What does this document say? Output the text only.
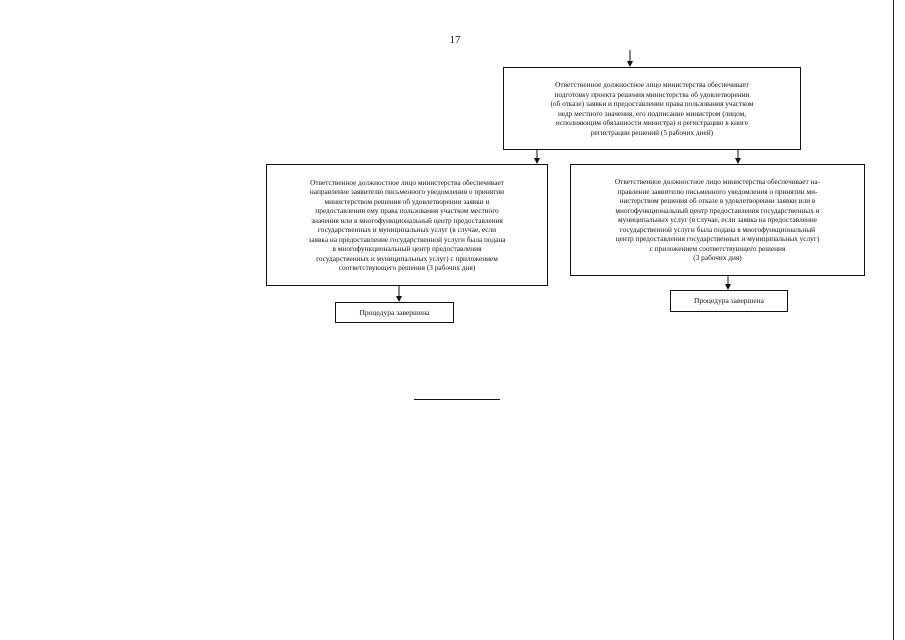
17
Ответственное должностное лицо министерства обеспечивает
подготовку проекта решения министерства об удовлетворении
(об отказе) заявки и предоставлении права пользования участком
недр местного значения, его подписание министром (лицом,
исполняющим обязанности министра) и регистрацию в книге
регистрации решений (5 рабочих дней)
Ответственное должностное лицо министерства обеспечивает
направление заявителю письменного уведомления о принятии
министерством решения об удовлетворении заявки и
предоставлении ему права пользования участком местного
значения или в многофункциональный центр предоставления
государственных и муниципальных услуг (в случае, если
заявка на предоставление государственной услуги была подана
в многофункциональный центр предоставления
государственных и муниципальных услуг) с приложением
соответствующего решения (3 рабочих дня)
Ответственное должностное лицо министерства обеспечивает на-
правление заявителю письменного уведомления о принятии ми-
нистерством решения об отказе в удовлетворении заявки или в
многофункциональный центр предоставления государственных и
муниципальных услуг (в случае, если заявка на предоставление
государственной услуги была подана в многофункциональный
центр предоставления государственных и муниципальных услуг)
с приложением соответствующего решения
(3 рабочих дня)
Процедура завершена
Процедура завершена
